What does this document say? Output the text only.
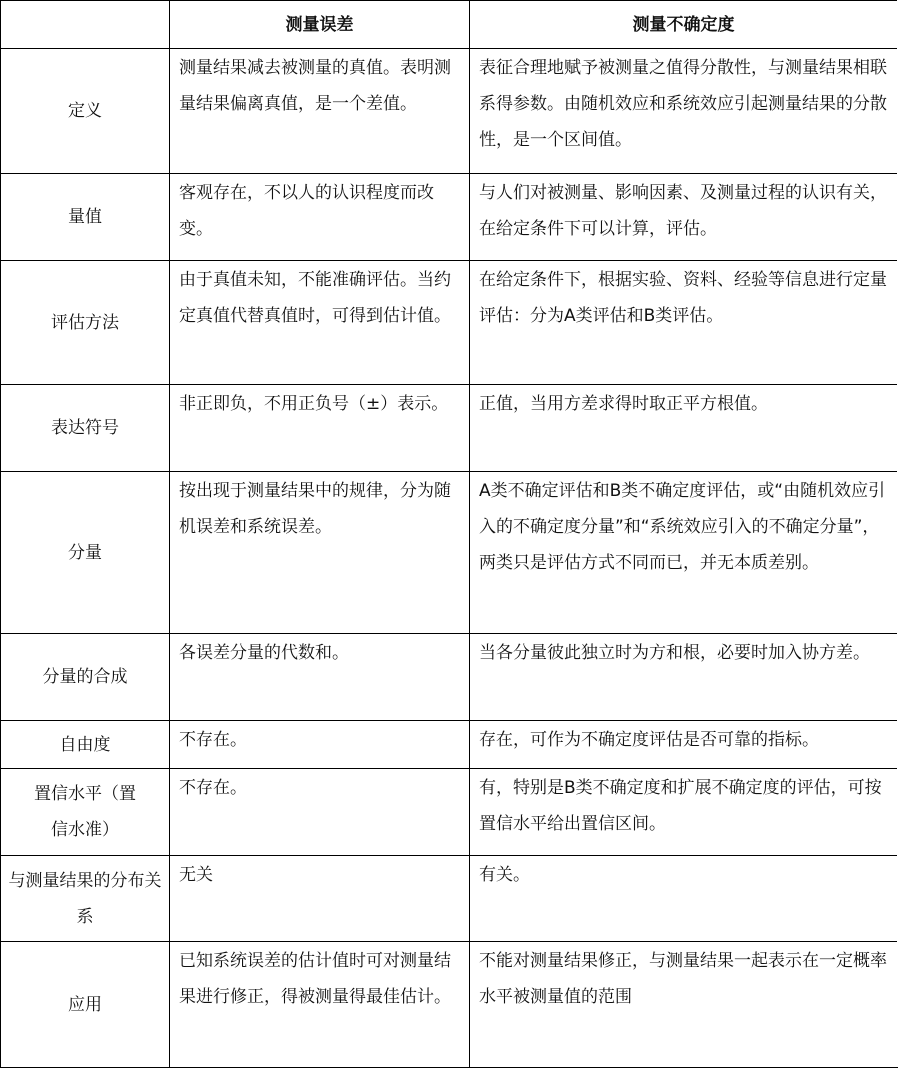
	测量误差	测量不确定度
定义	测量结果减去被测量的真值。表明测量结果偏离真值，是一个差值。	表征合理地赋予被测量之值得分散性，与测量结果相联系得参数。由随机效应和系统效应引起测量结果的分散性，是一个区间值。
量值	客观存在，不以人的认识程度而改变。	与人们对被测量、影响因素、及测量过程的认识有关，在给定条件下可以计算，评估。
评估方法	由于真值未知，不能准确评估。当约定真值代替真值时，可得到估计值。	在给定条件下，根据实验、资料、经验等信息进行定量评估：分为A类评估和B类评估。
表达符号	非正即负，不用正负号（±）表示。	正值，当用方差求得时取正平方根值。
分量	按出现于测量结果中的规律，分为随机误差和系统误差。	A类不确定评估和B类不确定度评估，或“由随机效应引入的不确定度分量”和“系统效应引入的不确定分量”，两类只是评估方式不同而已，并无本质差别。
分量的合成	各误差分量的代数和。	当各分量彼此独立时为方和根，必要时加入协方差。
自由度	不存在。	存在，可作为不确定度评估是否可靠的指标。
置信水平（置信水准）	不存在。	有，特别是B类不确定度和扩展不确定度的评估，可按置信水平给出置信区间。
与测量结果的分布关系	无关	有关。
应用	已知系统误差的估计值时可对测量结果进行修正，得被测量得最佳估计。	不能对测量结果修正，与测量结果一起表示在一定概率水平被测量值的范围
